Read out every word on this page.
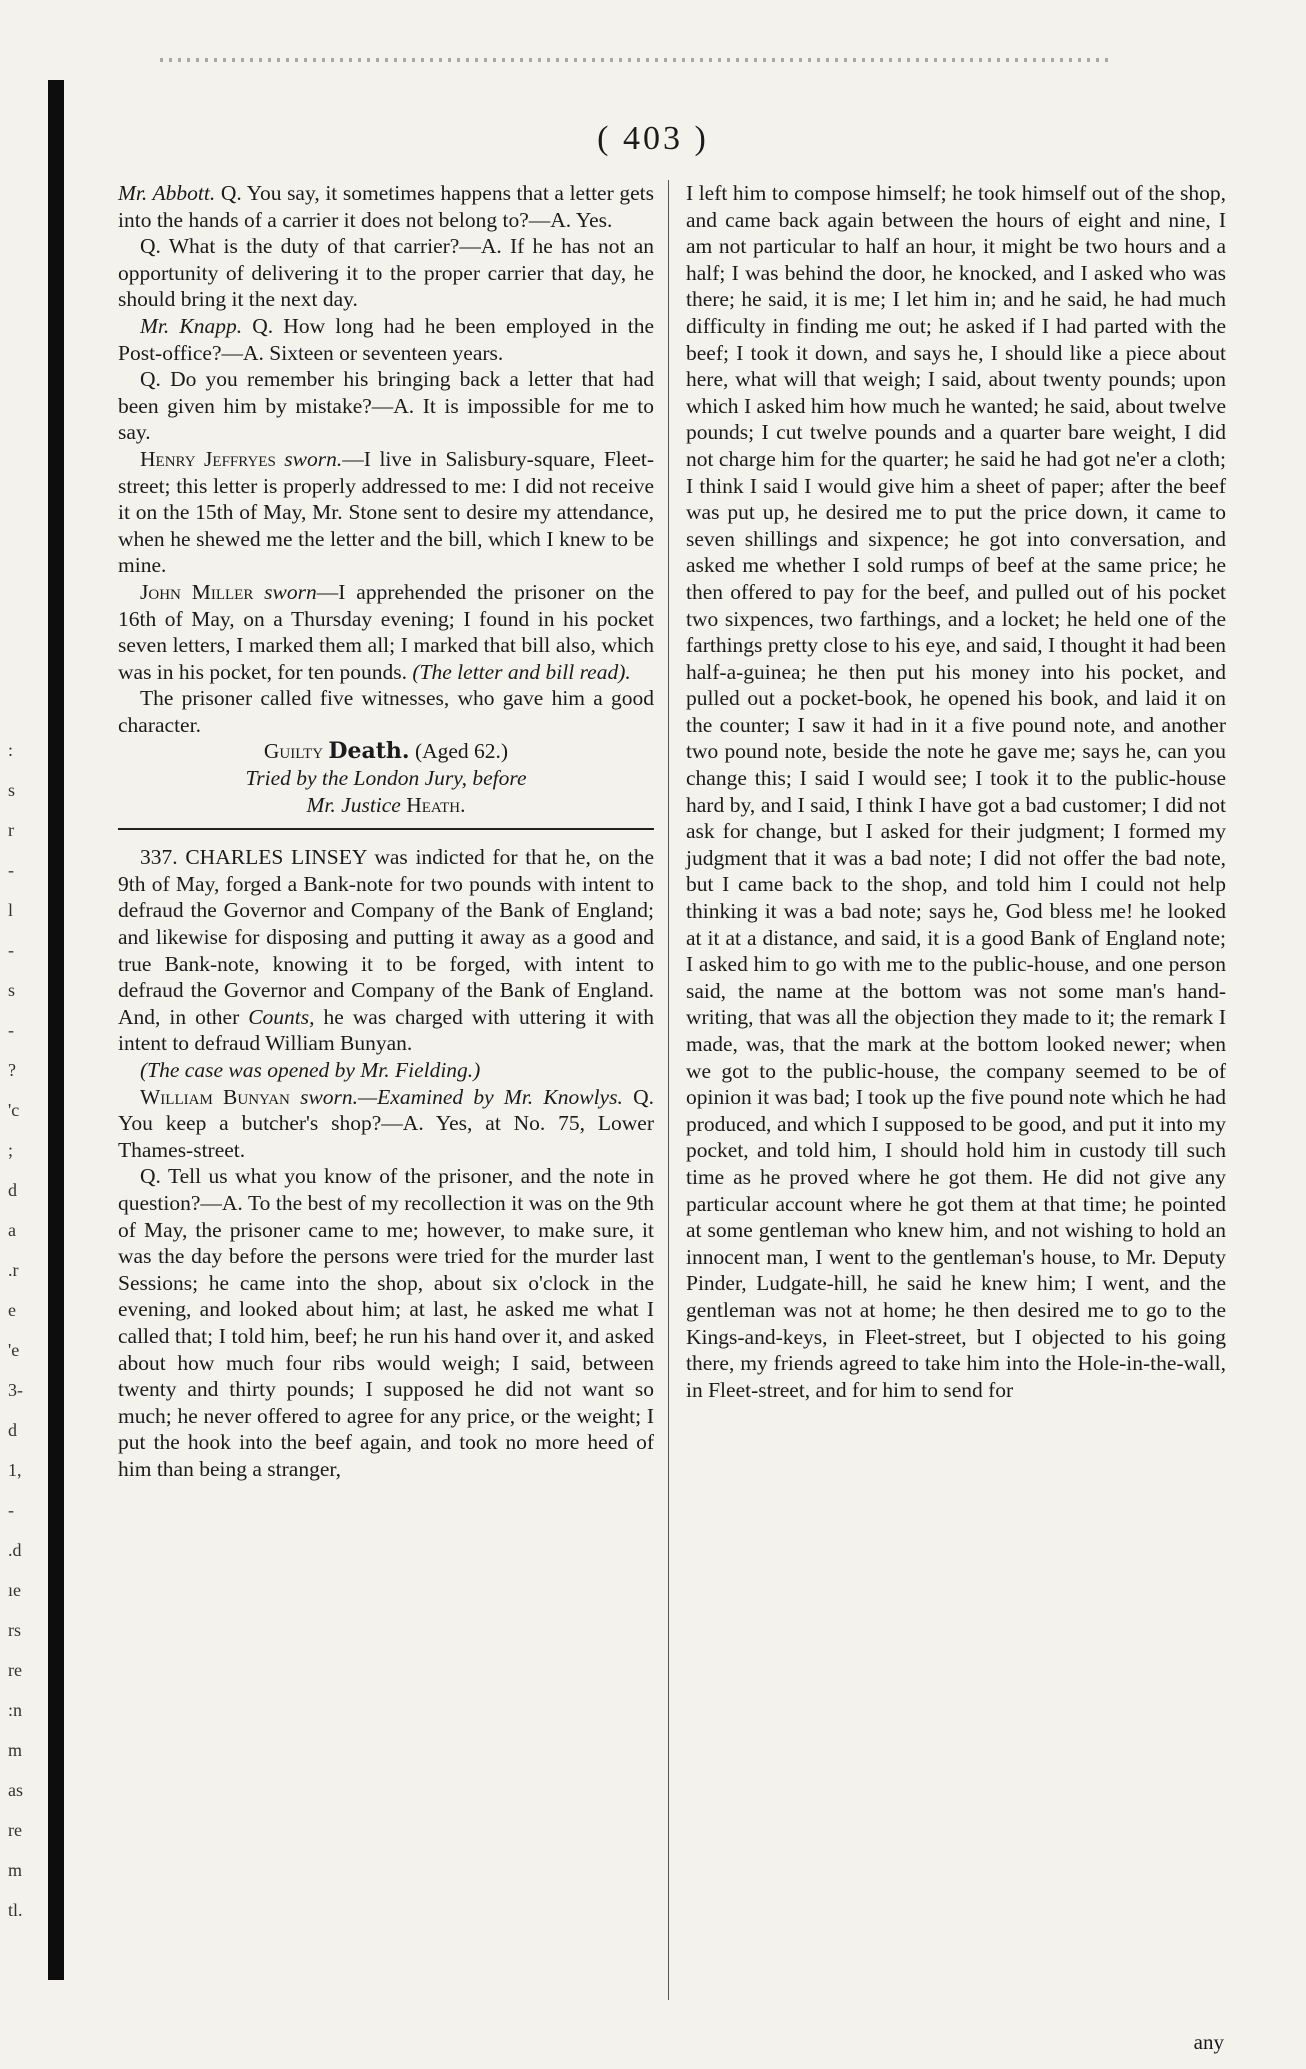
:
s
r
-
l
-
s
-
?
'c
;
d
a
.r
e
'e
3-
d
1,
-
.d
ıe
rs
re
:n
m
as
re
m
tl.
( 403 )

Mr. Abbott. Q. You say, it sometimes happens that a letter gets into the hands of a carrier it does not belong to?—A. Yes.

Q. What is the duty of that carrier?—A. If he has not an opportunity of delivering it to the proper carrier that day, he should bring it the next day.

Mr. Knapp. Q. How long had he been employed in the Post-office?—A. Sixteen or seventeen years.

Q. Do you remember his bringing back a letter that had been given him by mistake?—A. It is impossible for me to say.

Henry Jeffryes sworn.—I live in Salisbury-square, Fleet-street; this letter is properly addressed to me: I did not receive it on the 15th of May, Mr. Stone sent to desire my attendance, when he shewed me the letter and the bill, which I knew to be mine.

John Miller sworn—I apprehended the prisoner on the 16th of May, on a Thursday evening; I found in his pocket seven letters, I marked them all; I marked that bill also, which was in his pocket, for ten pounds. (The letter and bill read).

The prisoner called five witnesses, who gave him a good character.

Guilty Death. (Aged 62.)

Tried by the London Jury, before

Mr. Justice Heath.

337. CHARLES LINSEY was indicted for that he, on the 9th of May, forged a Bank-note for two pounds with intent to defraud the Governor and Company of the Bank of England; and likewise for disposing and putting it away as a good and true Bank-note, knowing it to be forged, with intent to defraud the Governor and Company of the Bank of England. And, in other Counts, he was charged with uttering it with intent to defraud William Bunyan.

(The case was opened by Mr. Fielding.)

William Bunyan sworn.—Examined by Mr. Knowlys. Q. You keep a butcher's shop?—A. Yes, at No. 75, Lower Thames-street.

Q. Tell us what you know of the prisoner, and the note in question?—A. To the best of my recollection it was on the 9th of May, the prisoner came to me; however, to make sure, it was the day before the persons were tried for the murder last Sessions; he came into the shop, about six o'clock in the evening, and looked about him; at last, he asked me what I called that; I told him, beef; he run his hand over it, and asked about how much four ribs would weigh; I said, between twenty and thirty pounds; I supposed he did not want so much; he never offered to agree for any price, or the weight; I put the hook into the beef again, and took no more heed of him than being a stranger,

I left him to compose himself; he took himself out of the shop, and came back again between the hours of eight and nine, I am not particular to half an hour, it might be two hours and a half; I was behind the door, he knocked, and I asked who was there; he said, it is me; I let him in; and he said, he had much difficulty in finding me out; he asked if I had parted with the beef; I took it down, and says he, I should like a piece about here, what will that weigh; I said, about twenty pounds; upon which I asked him how much he wanted; he said, about twelve pounds; I cut twelve pounds and a quarter bare weight, I did not charge him for the quarter; he said he had got ne'er a cloth; I think I said I would give him a sheet of paper; after the beef was put up, he desired me to put the price down, it came to seven shillings and sixpence; he got into conversation, and asked me whether I sold rumps of beef at the same price; he then offered to pay for the beef, and pulled out of his pocket two sixpences, two farthings, and a locket; he held one of the farthings pretty close to his eye, and said, I thought it had been half-a-guinea; he then put his money into his pocket, and pulled out a pocket-book, he opened his book, and laid it on the counter; I saw it had in it a five pound note, and another two pound note, beside the note he gave me; says he, can you change this; I said I would see; I took it to the public-house hard by, and I said, I think I have got a bad customer; I did not ask for change, but I asked for their judgment; I formed my judgment that it was a bad note; I did not offer the bad note, but I came back to the shop, and told him I could not help thinking it was a bad note; says he, God bless me! he looked at it at a distance, and said, it is a good Bank of England note; I asked him to go with me to the public-house, and one person said, the name at the bottom was not some man's hand-writing, that was all the objection they made to it; the remark I made, was, that the mark at the bottom looked newer; when we got to the public-house, the company seemed to be of opinion it was bad; I took up the five pound note which he had produced, and which I supposed to be good, and put it into my pocket, and told him, I should hold him in custody till such time as he proved where he got them. He did not give any particular account where he got them at that time; he pointed at some gentleman who knew him, and not wishing to hold an innocent man, I went to the gentleman's house, to Mr. Deputy Pinder, Ludgate-hill, he said he knew him; I went, and the gentleman was not at home; he then desired me to go to the Kings-and-keys, in Fleet-street, but I objected to his going there, my friends agreed to take him into the Hole-in-the-wall, in Fleet-street, and for him to send for

any
